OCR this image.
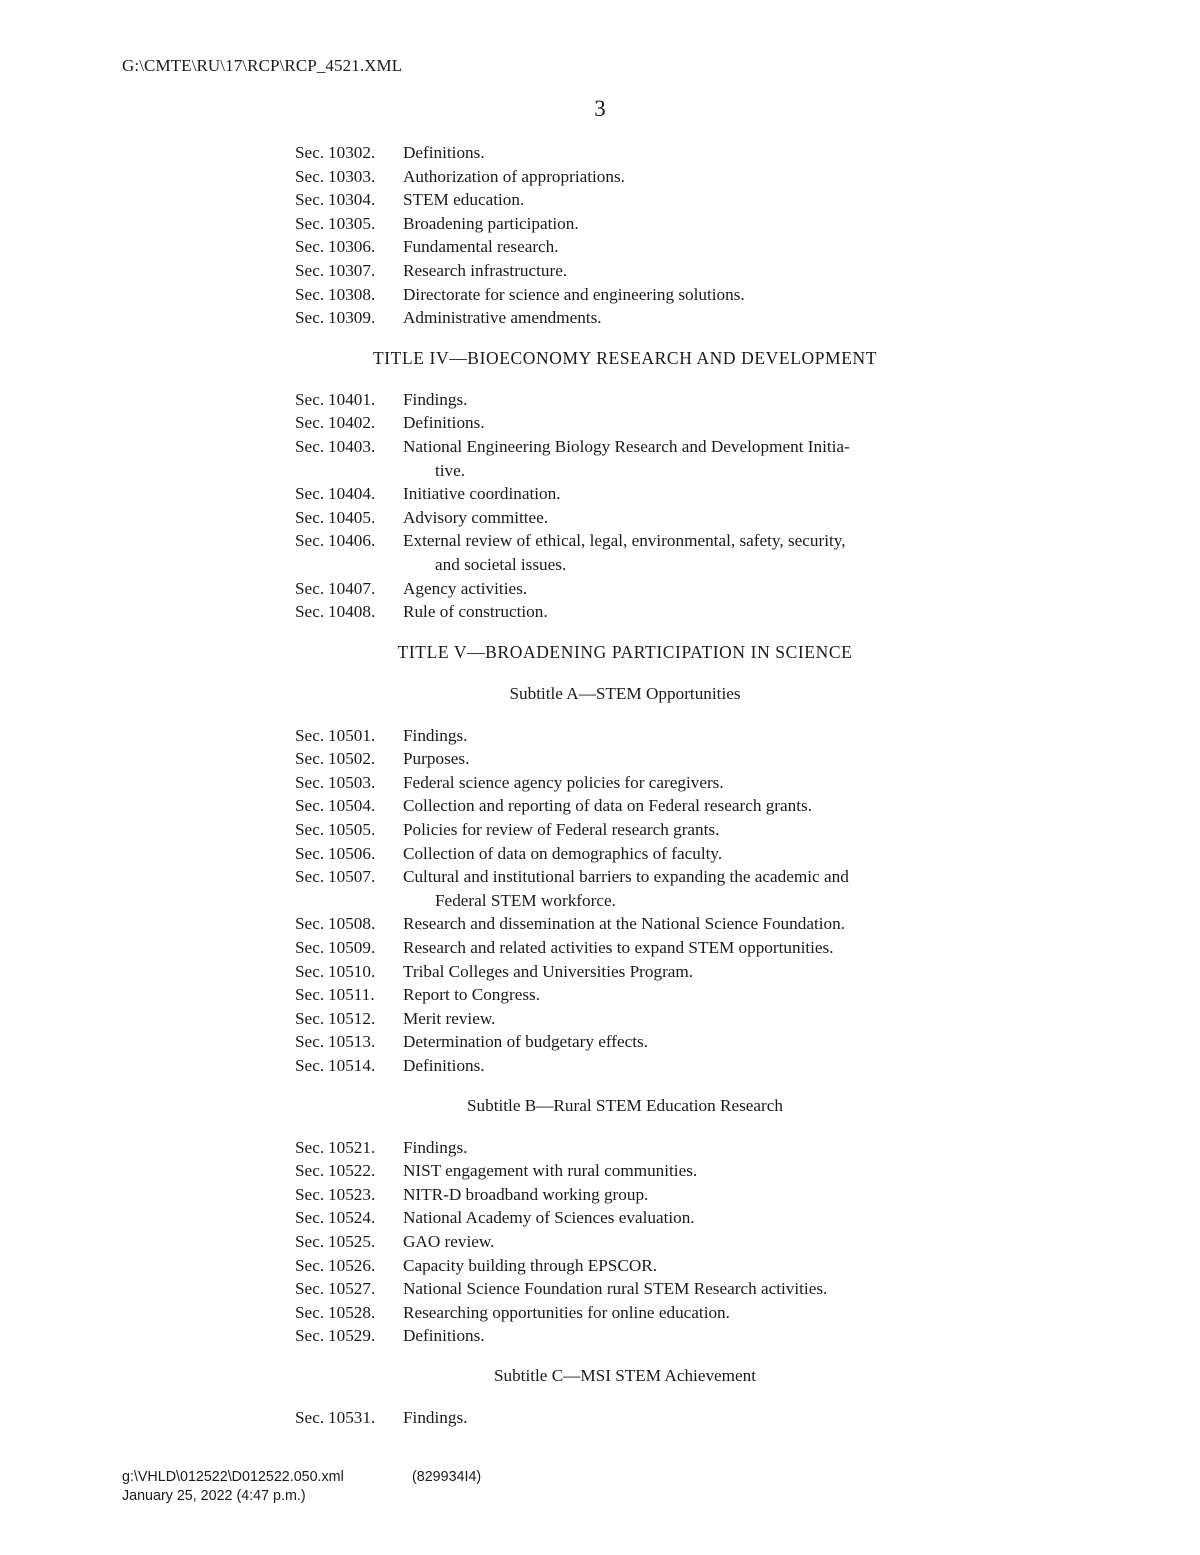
G:\CMTE\RU\17\RCP\RCP_4521.XML
3
Sec. 10302.	Definitions.
Sec. 10303.	Authorization of appropriations.
Sec. 10304.	STEM education.
Sec. 10305.	Broadening participation.
Sec. 10306.	Fundamental research.
Sec. 10307.	Research infrastructure.
Sec. 10308.	Directorate for science and engineering solutions.
Sec. 10309.	Administrative amendments.
TITLE IV—BIOECONOMY RESEARCH AND DEVELOPMENT
Sec. 10401.	Findings.
Sec. 10402.	Definitions.
Sec. 10403.	National Engineering Biology Research and Development Initia-
tive.
Sec. 10404.	Initiative coordination.
Sec. 10405.	Advisory committee.
Sec. 10406.	External review of ethical, legal, environmental, safety, security,
and societal issues.
Sec. 10407.	Agency activities.
Sec. 10408.	Rule of construction.
TITLE V—BROADENING PARTICIPATION IN SCIENCE
Subtitle A—STEM Opportunities
Sec. 10501.	Findings.
Sec. 10502.	Purposes.
Sec. 10503.	Federal science agency policies for caregivers.
Sec. 10504.	Collection and reporting of data on Federal research grants.
Sec. 10505.	Policies for review of Federal research grants.
Sec. 10506.	Collection of data on demographics of faculty.
Sec. 10507.	Cultural and institutional barriers to expanding the academic and
Federal STEM workforce.
Sec. 10508.	Research and dissemination at the National Science Foundation.
Sec. 10509.	Research and related activities to expand STEM opportunities.
Sec. 10510.	Tribal Colleges and Universities Program.
Sec. 10511.	Report to Congress.
Sec. 10512.	Merit review.
Sec. 10513.	Determination of budgetary effects.
Sec. 10514.	Definitions.
Subtitle B—Rural STEM Education Research
Sec. 10521.	Findings.
Sec. 10522.	NIST engagement with rural communities.
Sec. 10523.	NITR-D broadband working group.
Sec. 10524.	National Academy of Sciences evaluation.
Sec. 10525.	GAO review.
Sec. 10526.	Capacity building through EPSCOR.
Sec. 10527.	National Science Foundation rural STEM Research activities.
Sec. 10528.	Researching opportunities for online education.
Sec. 10529.	Definitions.
Subtitle C—MSI STEM Achievement
Sec. 10531.	Findings.
g:\VHLD\012522\D012522.050.xml	(829934I4)
January 25, 2022 (4:47 p.m.)
